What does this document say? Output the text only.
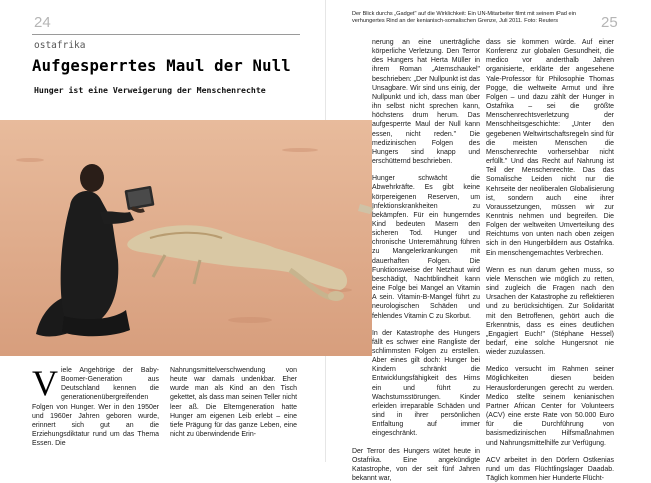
24	25
Der Blick durchs „Gadget" auf die Wirklichkeit: Ein UN-Mitarbeiter filmt mit seinem iPad ein verhungertes Rind an der kenianisch-somalischen Grenze, Juli 2011. Foto: Reuters
ostafrika
Aufgesperrtes Maul der Null
Hunger ist eine Verweigerung der Menschenrechte

Viele Angehörige der Baby-Boomer-Generation aus Deutschland kennen die generationenübergreifenden Folgen von Hunger. Wer in den 1950er und 1960er Jahren geboren wurde, erinnert sich gut an die Erziehungsdiktatur rund um das Thema Essen. Die

Nahrungsmittelverschwendung von heute war damals undenkbar. Eher wurde man als Kind an den Tisch gekettet, als dass man seinen Teller nicht leer aß. Die Elterngeneration hatte Hunger am eigenen Leib erlebt – eine tiefe Prägung für das ganze Leben, eine nicht zu überwindende Erin-

nerung an eine unerträgliche körperliche Verletzung. Den Terror des Hungers hat Herta Müller in ihrem Roman „Atemschaukel" beschrieben: „Der Nullpunkt ist das Unsagbare. Wir sind uns einig, der Nullpunkt und ich, dass man über ihn selbst nicht sprechen kann, höchstens drum herum. Das aufgesperrte Maul der Null kann essen, nicht reden." Die medizinischen Folgen des Hungers sind knapp und erschütternd beschrieben.

Hunger schwächt die Abwehrkräfte. Es gibt keine körpereigenen Reserven, um Infektionskrankheiten zu bekämpfen. Für ein hungerndes Kind bedeuten Masern den sicheren Tod. Hunger und chronische Unterernährung führen zu Mangelerkrankungen mit dauerhaften Folgen. Die Funktionsweise der Netzhaut wird beschädigt, Nachtblindheit kann eine Folge bei Mangel an Vitamin A sein. Vitamin-B-Mangel führt zu neurologischen Schäden und fehlendes Vitamin C zu Skorbut.

In der Katastrophe des Hungers fällt es schwer eine Rangliste der schlimmsten Folgen zu erstellen. Aber eines gilt doch: Hunger bei Kindern schränkt die Entwicklungsfähigkeit des Hirns ein und führt zu Wachstumsstörungen. Kinder erleiden irreparable Schäden und sind in ihrer persönlichen Entfaltung auf immer eingeschränkt.

Der Terror des Hungers wütet heute in Ostafrika. Eine angekündigte Katastrophe, von der seit fünf Jahren bekannt war,

dass sie kommen würde. Auf einer Konferenz zur globalen Gesundheit, die medico vor anderthalb Jahren organisierte, erklärte der angesehene Yale-Professor für Philosophie Thomas Pogge, die weltweite Armut und ihre Folgen – und dazu zählt der Hunger in Ostafrika – sei die größte Menschenrechtsverletzung der Menschheitsgeschichte: „Unter den gegebenen Weltwirtschaftsregeln sind für die meisten Menschen die Menschenrechte vorhersehbar nicht erfüllt." Und das Recht auf Nahrung ist Teil der Menschenrechte. Das das Somalische Leiden nicht nur die Kehrseite der neoliberalen Globalisierung ist, sondern auch eine ihrer Voraussetzungen, müssen wir zur Kenntnis nehmen und begreifen. Die Folgen der weltweiten Umverteilung des Reichtums von unten nach oben zeigen sich in den Hungerbildern aus Ostafrika. Ein menschengemachtes Verbrechen.

Wenn es nun darum gehen muss, so viele Menschen wie möglich zu retten, sind zugleich die Fragen nach den Ursachen der Katastrophe zu reflektieren und zu berücksichtigen. Zur Solidarität mit den Betroffenen, gehört auch die Erkenntnis, dass es eines deutlichen „Engagiert Euch!" (Stéphane Hessel) bedarf, eine solche Hungersnot nie wieder zuzulassen.

Medico versucht im Rahmen seiner Möglichkeiten diesen beiden Herausforderungen gerecht zu werden. Medico stellte seinem kenianischen Partner African Center for Volunteers (ACV) eine erste Rate von 50.000 Euro für die Durchführung von basismedizinischen Hilfsmaßnahmen und Nahrungsmittelhilfe zur Verfügung.

ACV arbeitet in den Dörfern Ostkenias rund um das Flüchtlingslager Daadab. Täglich kommen hier Hunderte Flücht-
